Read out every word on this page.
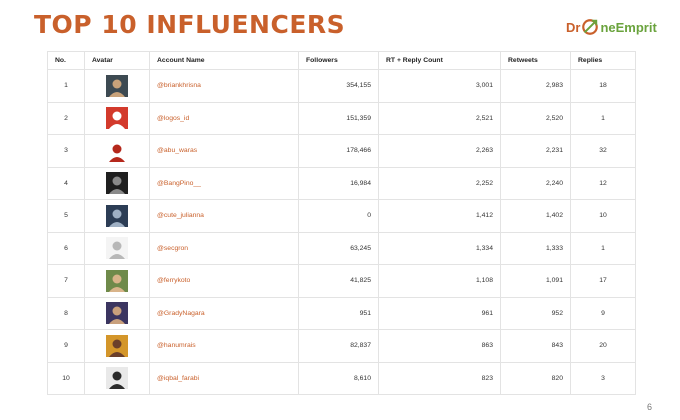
TOP 10 INFLUENCERS	Dr neEmprit
No.	Avatar	Account Name	Followers	RT + Reply Count	Retweets	Replies
1		@briankhrisna	354,155	3,001	2,983	18
2		@logos_id	151,359	2,521	2,520	1
3		@abu_waras	178,466	2,263	2,231	32
4		@BangPino__	16,984	2,252	2,240	12
5		@cute_julianna	0	1,412	1,402	10
6		@secgron	63,245	1,334	1,333	1
7		@ferrykoto	41,825	1,108	1,091	17
8		@GradyNagara	951	961	952	9
9		@hanumrais	82,837	863	843	20
10		@iqbal_farabi	8,610	823	820	3
6
